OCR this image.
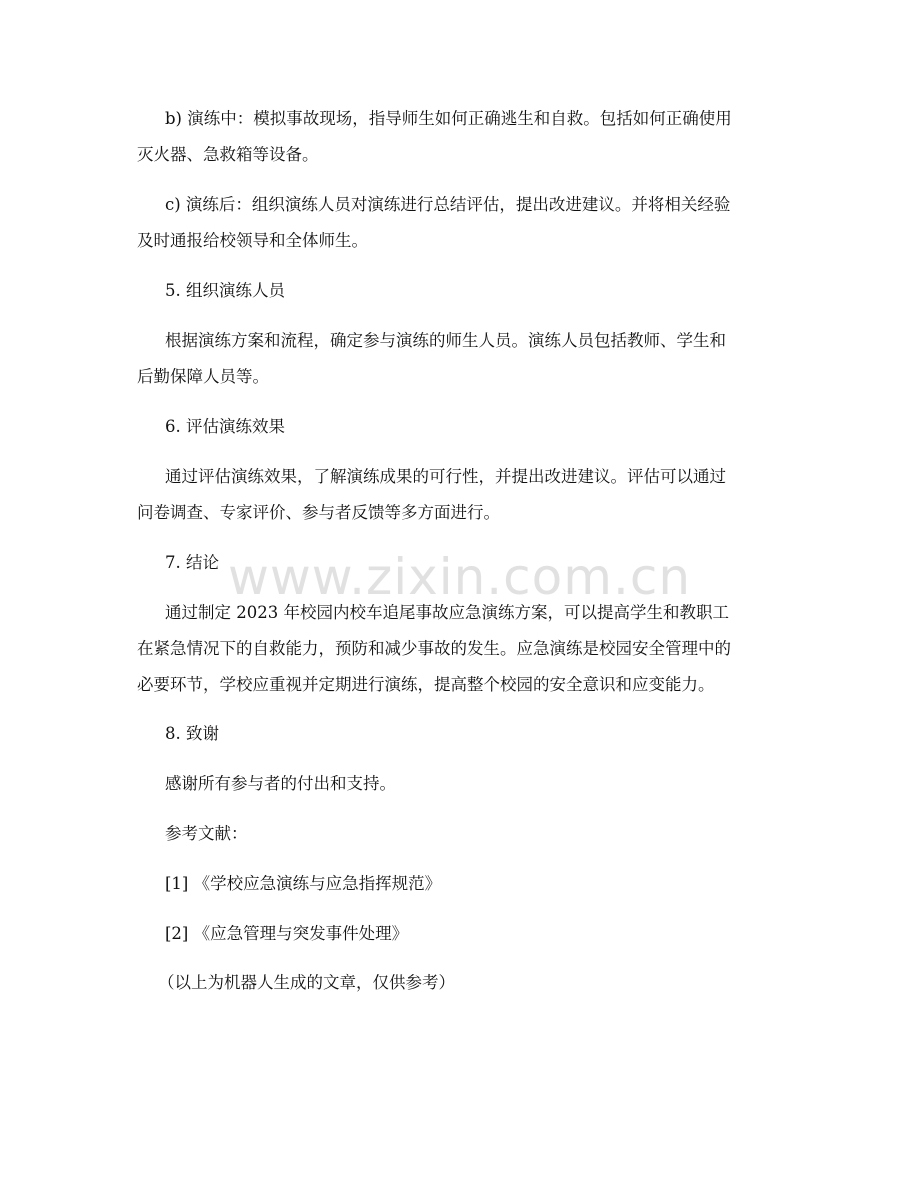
b) 演练中：模拟事故现场，指导师生如何正确逃生和自救。包括如何正确使用
灭火器、急救箱等设备。
c) 演练后：组织演练人员对演练进行总结评估，提出改进建议。并将相关经验
及时通报给校领导和全体师生。
5. 组织演练人员
根据演练方案和流程，确定参与演练的师生人员。演练人员包括教师、学生和
后勤保障人员等。
6. 评估演练效果
通过评估演练效果，了解演练成果的可行性，并提出改进建议。评估可以通过
问卷调查、专家评价、参与者反馈等多方面进行。
7. 结论
通过制定 2023 年校园内校车追尾事故应急演练方案，可以提高学生和教职工
在紧急情况下的自救能力，预防和减少事故的发生。应急演练是校园安全管理中的
必要环节，学校应重视并定期进行演练，提高整个校园的安全意识和应变能力。
8. 致谢
感谢所有参与者的付出和支持。
参考文献：
[1] 《学校应急演练与应急指挥规范》
[2] 《应急管理与突发事件处理》
（以上为机器人生成的文章，仅供参考）
www.zixin.com.cn
